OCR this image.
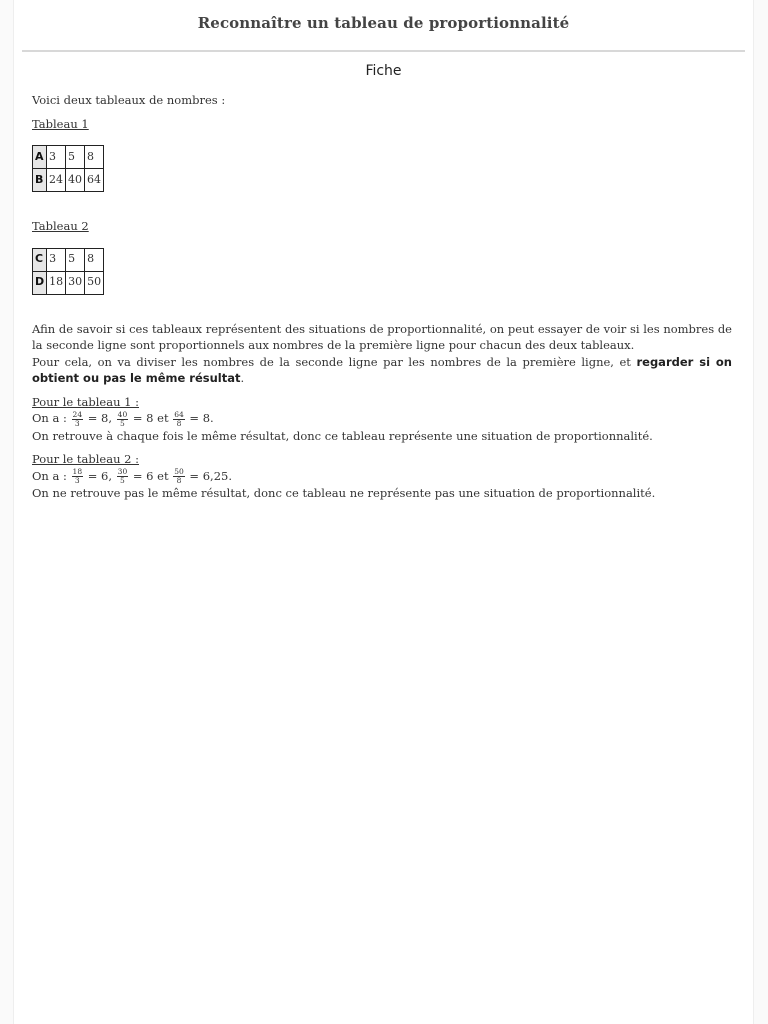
Reconnaître un tableau de proportionnalité
Fiche

Voici deux tableaux de nombres :

Tableau 1

A	3	5	8
B	24	40	64

Tableau 2

C	3	5	8
D	18	30	50

Afin de savoir si ces tableaux représentent des situations de proportionnalité, on peut essayer de voir si les nombres de la seconde ligne sont proportionnels aux nombres de la première ligne pour chacun des deux tableaux.

Pour cela, on va diviser les nombres de la seconde ligne par les nombres de la première ligne, et regarder si on obtient ou pas le même résultat.

Pour le tableau 1 :

On a : $\frac{24}{3} = 8$, $\frac{40}{5} = 8$ et $\frac{64}{8} = 8$.

On retrouve à chaque fois le même résultat, donc ce tableau représente une situation de proportionnalité.

Pour le tableau 2 :

On a : $\frac{18}{3} = 6$, $\frac{30}{5} = 6$ et $\frac{50}{8} = 6,25$.

On ne retrouve pas le même résultat, donc ce tableau ne représente pas une situation de proportionnalité.
